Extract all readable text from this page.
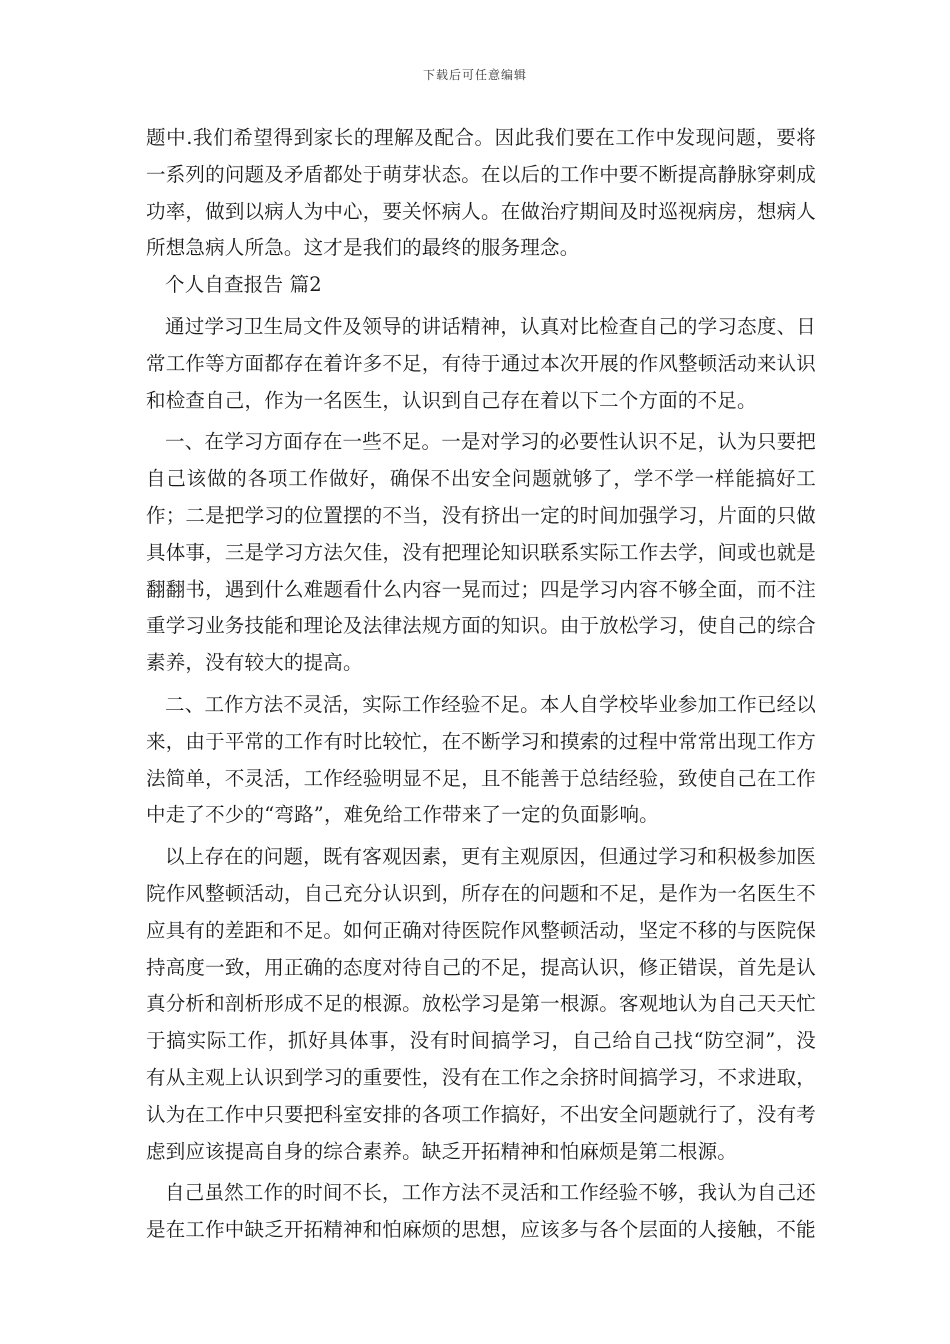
下载后可任意编辑

题中.我们希望得到家长的理解及配合。因此我们要在工作中发现问题，要将一系列的问题及矛盾都处于萌芽状态。在以后的工作中要不断提高静脉穿刺成功率，做到以病人为中心，要关怀病人。在做治疗期间及时巡视病房，想病人所想急病人所急。这才是我们的最终的服务理念。

个人自查报告 篇2

通过学习卫生局文件及领导的讲话精神，认真对比检查自己的学习态度、日常工作等方面都存在着许多不足，有待于通过本次开展的作风整顿活动来认识和检查自己，作为一名医生，认识到自己存在着以下二个方面的不足。

一、在学习方面存在一些不足。一是对学习的必要性认识不足，认为只要把自己该做的各项工作做好，确保不出安全问题就够了，学不学一样能搞好工作；二是把学习的位置摆的不当，没有挤出一定的时间加强学习，片面的只做具体事，三是学习方法欠佳，没有把理论知识联系实际工作去学，间或也就是翻翻书，遇到什么难题看什么内容一晃而过；四是学习内容不够全面，而不注重学习业务技能和理论及法律法规方面的知识。由于放松学习，使自己的综合素养，没有较大的提高。

二、工作方法不灵活，实际工作经验不足。本人自学校毕业参加工作已经以来，由于平常的工作有时比较忙，在不断学习和摸索的过程中常常出现工作方法简单，不灵活，工作经验明显不足，且不能善于总结经验，致使自己在工作中走了不少的“弯路”，难免给工作带来了一定的负面影响。

以上存在的问题，既有客观因素，更有主观原因，但通过学习和积极参加医院作风整顿活动，自己充分认识到，所存在的问题和不足，是作为一名医生不应具有的差距和不足。如何正确对待医院作风整顿活动，坚定不移的与医院保持高度一致，用正确的态度对待自己的不足，提高认识，修正错误，首先是认真分析和剖析形成不足的根源。放松学习是第一根源。客观地认为自己天天忙于搞实际工作，抓好具体事，没有时间搞学习，自己给自己找“防空洞”，没有从主观上认识到学习的重要性，没有在工作之余挤时间搞学习，不求进取，认为在工作中只要把科室安排的各项工作搞好，不出安全问题就行了，没有考虑到应该提高自身的综合素养。缺乏开拓精神和怕麻烦是第二根源。

自己虽然工作的时间不长，工作方法不灵活和工作经验不够，我认为自己还是在工作中缺乏开拓精神和怕麻烦的思想，应该多与各个层面的人接触，不能
